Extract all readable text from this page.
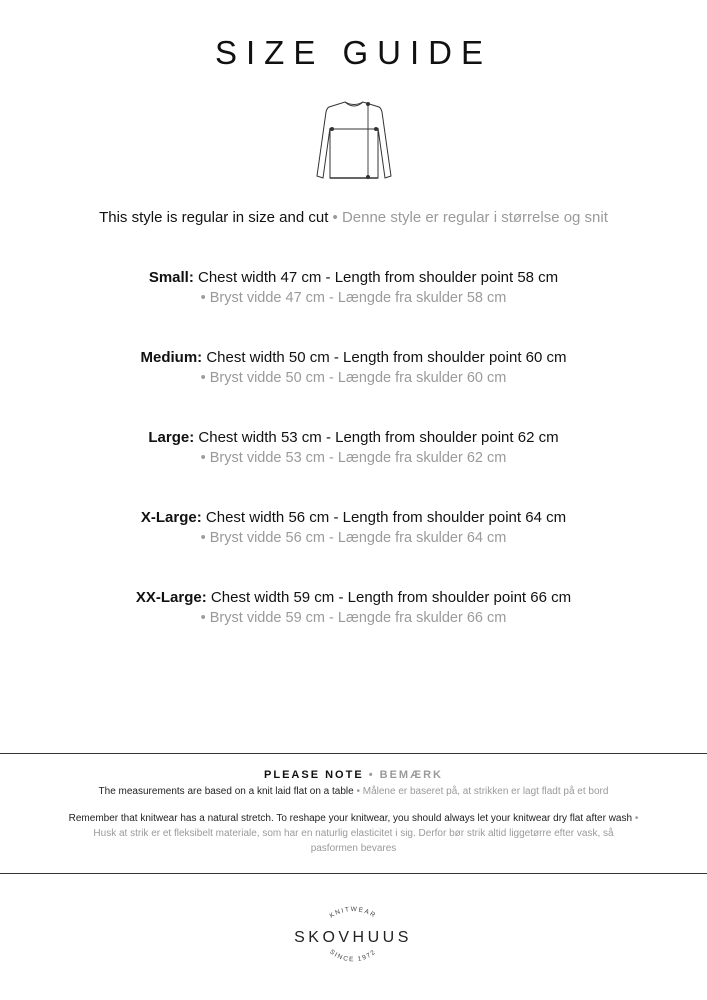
SIZE GUIDE
This style is regular in size and cut • Denne style er regular i størrelse og snit
Small: Chest width 47 cm - Length from shoulder point 58 cm
• Bryst vidde 47 cm - Længde fra skulder 58 cm
Medium: Chest width 50 cm - Length from shoulder point 60 cm
• Bryst vidde 50 cm - Længde fra skulder 60 cm
Large: Chest width 53 cm - Length from shoulder point 62 cm
• Bryst vidde 53 cm - Længde fra skulder 62 cm
X-Large: Chest width 56 cm - Length from shoulder point 64 cm
• Bryst vidde 56 cm - Længde fra skulder 64 cm
XX-Large: Chest width 59 cm - Length from shoulder point 66 cm
• Bryst vidde 59 cm - Længde fra skulder 66 cm
PLEASE NOTE • BEMÆRK
The measurements are based on a knit laid flat on a table • Målene er baseret på, at strikken er lagt fladt på et bord
Remember that knitwear has a natural stretch. To reshape your knitwear, you should always let your knitwear dry flat after wash • Husk at strik er et fleksibelt materiale, som har en naturlig elasticitet i sig. Derfor bør strik altid liggetørre efter vask, så pasformen bevares
KNITWEAR
SKOVHUUS
SINCE 1972
